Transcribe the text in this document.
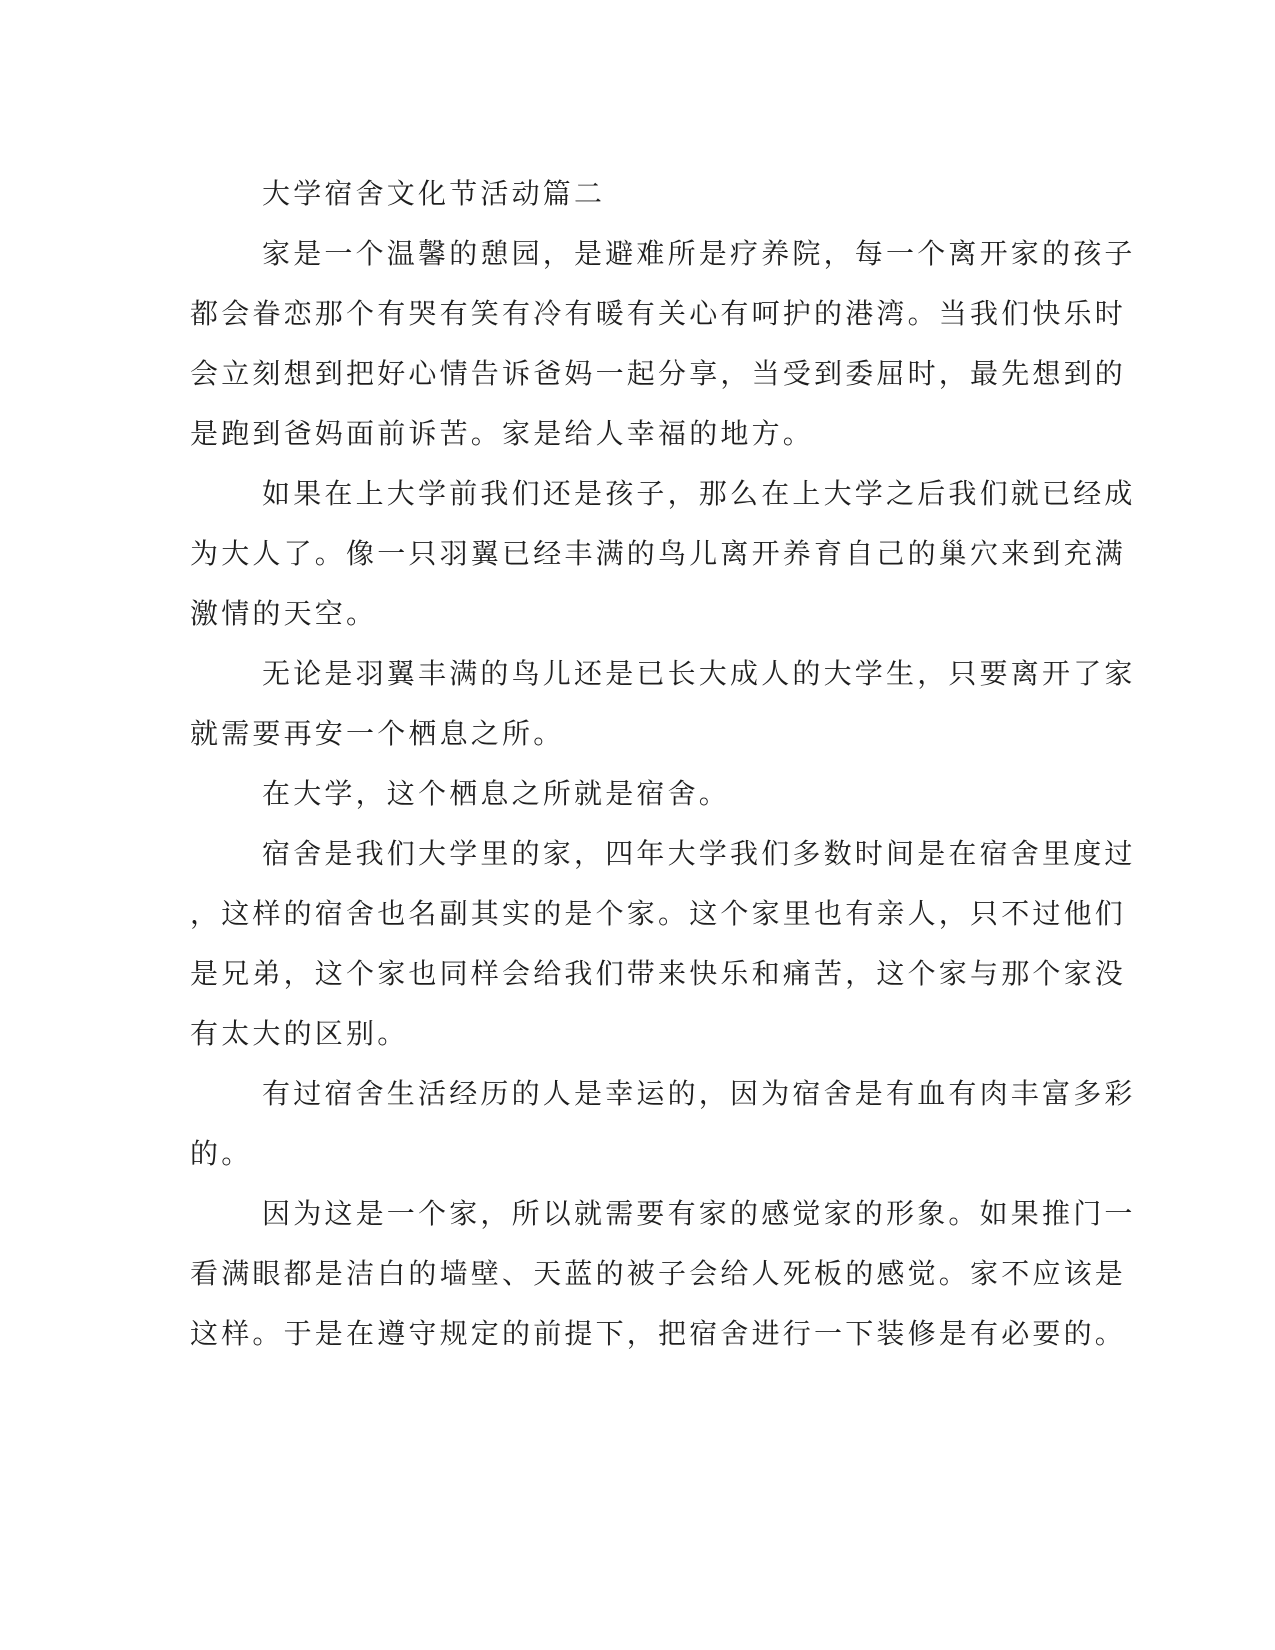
大学宿舍文化节活动篇二

家是一个温馨的憩园，是避难所是疗养院，每一个离开家的孩子

都会眷恋那个有哭有笑有冷有暖有关心有呵护的港湾。当我们快乐时

会立刻想到把好心情告诉爸妈一起分享，当受到委屈时，最先想到的

是跑到爸妈面前诉苦。家是给人幸福的地方。

如果在上大学前我们还是孩子，那么在上大学之后我们就已经成

为大人了。像一只羽翼已经丰满的鸟儿离开养育自己的巢穴来到充满

激情的天空。

无论是羽翼丰满的鸟儿还是已长大成人的大学生，只要离开了家

就需要再安一个栖息之所。

在大学，这个栖息之所就是宿舍。

宿舍是我们大学里的家，四年大学我们多数时间是在宿舍里度过

，这样的宿舍也名副其实的是个家。这个家里也有亲人，只不过他们

是兄弟，这个家也同样会给我们带来快乐和痛苦，这个家与那个家没

有太大的区别。

有过宿舍生活经历的人是幸运的，因为宿舍是有血有肉丰富多彩

的。

因为这是一个家，所以就需要有家的感觉家的形象。如果推门一

看满眼都是洁白的墙壁、天蓝的被子会给人死板的感觉。家不应该是

这样。于是在遵守规定的前提下，把宿舍进行一下装修是有必要的。
